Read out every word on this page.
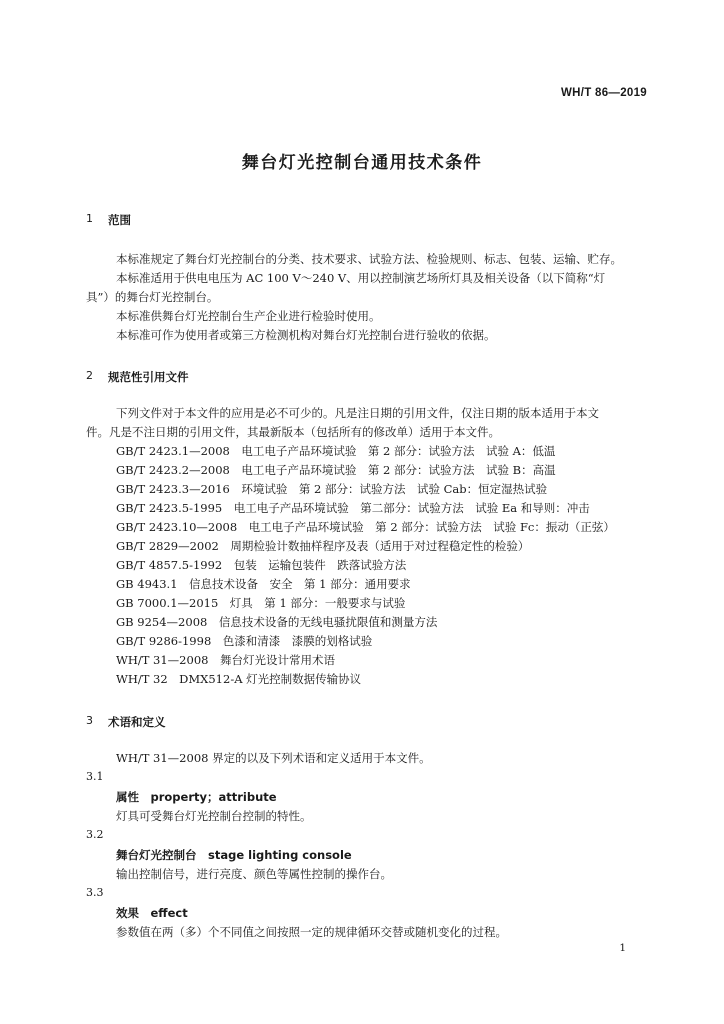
WH/T 86—2019
舞台灯光控制台通用技术条件
1 范围
本标准规定了舞台灯光控制台的分类、技术要求、试验方法、检验规则、标志、包装、运输、贮存。
本标准适用于供电电压为 AC 100 V～240 V、用以控制演艺场所灯具及相关设备（以下简称“灯
具”）的舞台灯光控制台。
本标准供舞台灯光控制台生产企业进行检验时使用。
本标准可作为使用者或第三方检测机构对舞台灯光控制台进行验收的依据。
2 规范性引用文件
下列文件对于本文件的应用是必不可少的。凡是注日期的引用文件，仅注日期的版本适用于本文
件。凡是不注日期的引用文件，其最新版本（包括所有的修改单）适用于本文件。
GB/T 2423.1—2008　电工电子产品环境试验　第 2 部分：试验方法　试验 A：低温
GB/T 2423.2—2008　电工电子产品环境试验　第 2 部分：试验方法　试验 B：高温
GB/T 2423.3—2016　环境试验　第 2 部分：试验方法　试验 Cab：恒定湿热试验
GB/T 2423.5-1995　电工电子产品环境试验　第二部分：试验方法　试验 Ea 和导则：冲击
GB/T 2423.10—2008　电工电子产品环境试验　第 2 部分：试验方法　试验 Fc：振动（正弦）
GB/T 2829—2002　周期检验计数抽样程序及表（适用于对过程稳定性的检验）
GB/T 4857.5-1992　包装　运输包装件　跌落试验方法
GB 4943.1　信息技术设备　安全　第 1 部分：通用要求
GB 7000.1—2015　灯具　第 1 部分：一般要求与试验
GB 9254—2008　信息技术设备的无线电骚扰限值和测量方法
GB/T 9286-1998　色漆和清漆　漆膜的划格试验
WH/T 31—2008　舞台灯光设计常用术语
WH/T 32　DMX512-A 灯光控制数据传输协议
3 术语和定义
WH/T 31—2008 界定的以及下列术语和定义适用于本文件。
3.1
属性　property；attribute
灯具可受舞台灯光控制台控制的特性。
3.2
舞台灯光控制台　stage lighting console
输出控制信号，进行亮度、颜色等属性控制的操作台。
3.3
效果　effect
参数值在两（多）个不同值之间按照一定的规律循环交替或随机变化的过程。
1
